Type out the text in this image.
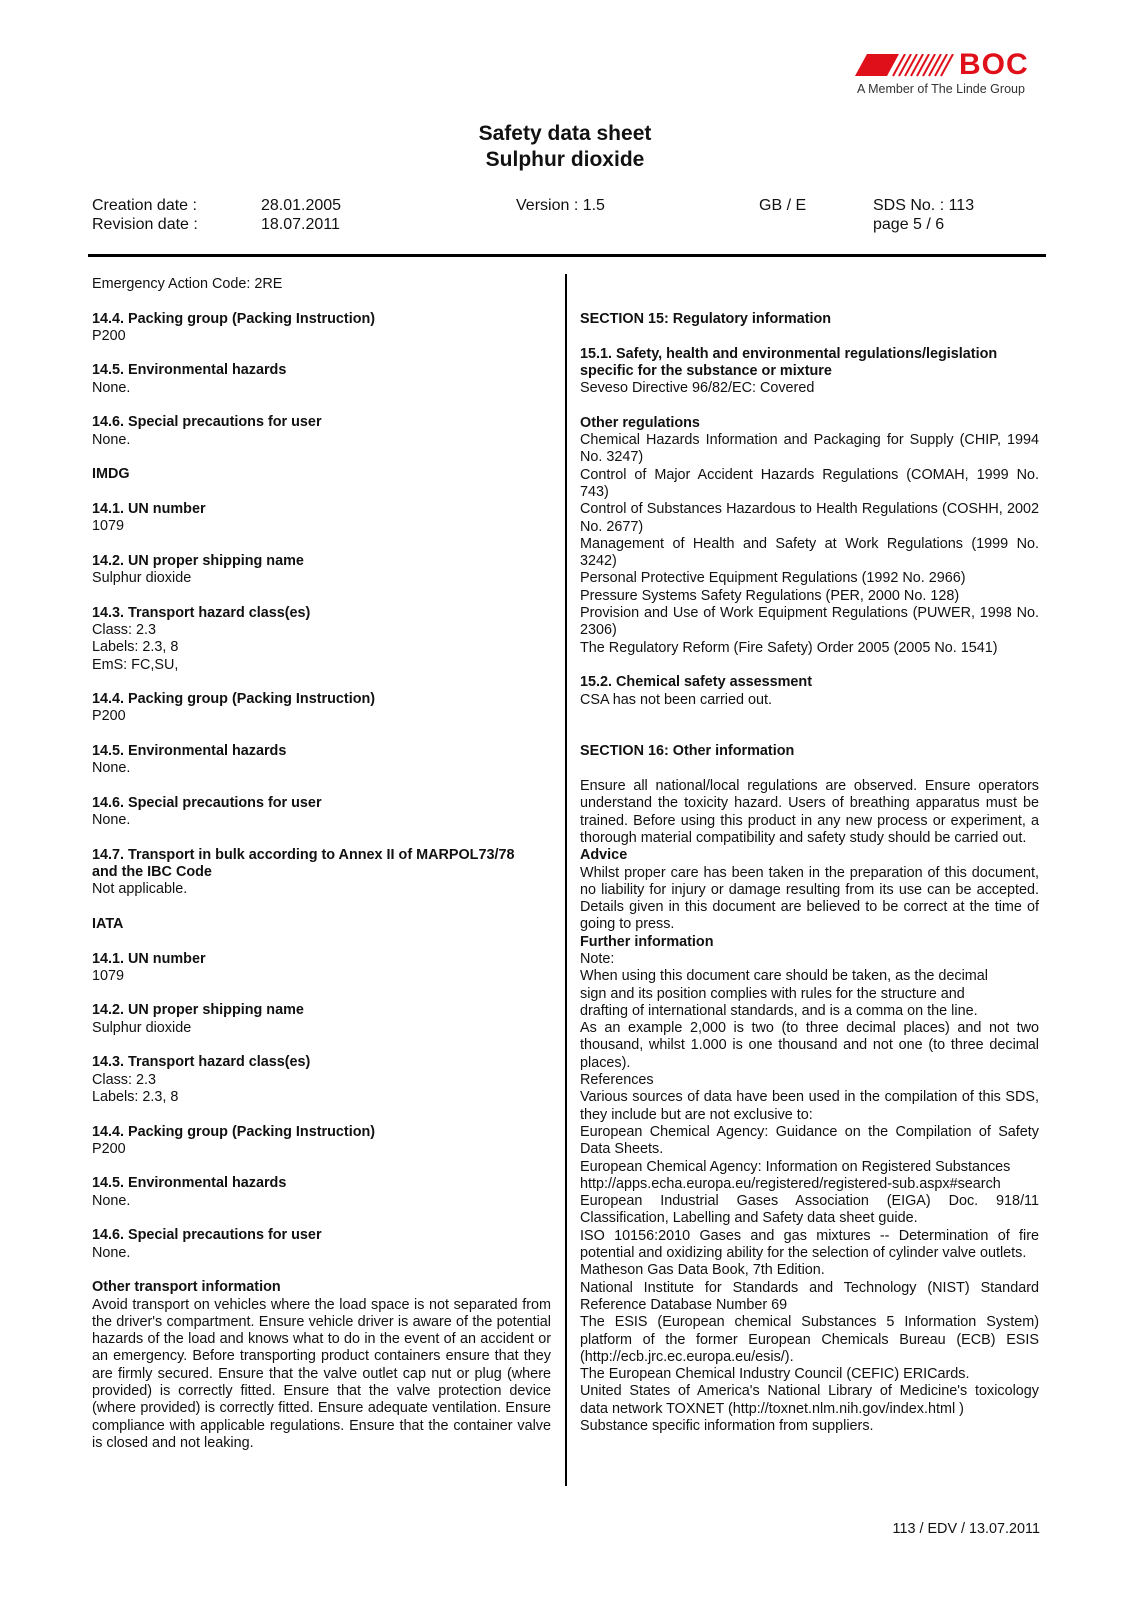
BOC
A Member of The Linde Group
Safety data sheet
Sulphur dioxide
Creation date :	28.01.2005
Revision date :	18.07.2011
Version : 1.5	GB / E	SDS No. : 113
page 5 / 6
Emergency Action Code: 2RE
14.4. Packing group (Packing Instruction)
P200
14.5. Environmental hazards
None.
14.6. Special precautions for user
None.
IMDG
14.1. UN number
1079
14.2. UN proper shipping name
Sulphur dioxide
14.3. Transport hazard class(es)
Class: 2.3
Labels: 2.3, 8
EmS: FC,SU,
14.4. Packing group (Packing Instruction)
P200
14.5. Environmental hazards
None.
14.6. Special precautions for user
None.
14.7. Transport in bulk according to Annex II of MARPOL73/78
and the IBC Code
Not applicable.
IATA
14.1. UN number
1079
14.2. UN proper shipping name
Sulphur dioxide
14.3. Transport hazard class(es)
Class: 2.3
Labels: 2.3, 8
14.4. Packing group (Packing Instruction)
P200
14.5. Environmental hazards
None.
14.6. Special precautions for user
None.
Other transport information
Avoid transport on vehicles where the load space is not separated from the driver's compartment. Ensure vehicle driver is aware of the potential hazards of the load and knows what to do in the event of an accident or an emergency. Before transporting product containers ensure that they are firmly secured. Ensure that the valve outlet cap nut or plug (where provided) is correctly fitted. Ensure that the valve protection device (where provided) is correctly fitted. Ensure adequate ventilation. Ensure compliance with applicable regulations. Ensure that the container valve is closed and not leaking.
SECTION 15: Regulatory information
15.1. Safety, health and environmental regulations/legislation
specific for the substance or mixture
Seveso Directive 96/82/EC: Covered
Other regulations
Chemical Hazards Information and Packaging for Supply (CHIP, 1994 No. 3247)
Control of Major Accident Hazards Regulations (COMAH, 1999 No. 743)
Control of Substances Hazardous to Health Regulations (COSHH, 2002 No. 2677)
Management of Health and Safety at Work Regulations (1999 No. 3242)
Personal Protective Equipment Regulations (1992 No. 2966)
Pressure Systems Safety Regulations (PER, 2000 No. 128)
Provision and Use of Work Equipment Regulations (PUWER, 1998 No. 2306)
The Regulatory Reform (Fire Safety) Order 2005 (2005 No. 1541)
15.2. Chemical safety assessment
CSA has not been carried out.
SECTION 16: Other information
Ensure all national/local regulations are observed. Ensure operators understand the toxicity hazard. Users of breathing apparatus must be trained. Before using this product in any new process or experiment, a thorough material compatibility and safety study should be carried out.
Advice
Whilst proper care has been taken in the preparation of this document, no liability for injury or damage resulting from its use can be accepted. Details given in this document are believed to be correct at the time of going to press.
Further information
Note:
When using this document care should be taken, as the decimal
sign and its position complies with rules for the structure and
drafting of international standards, and is a comma on the line.
As an example 2,000 is two (to three decimal places) and not two thousand, whilst 1.000 is one thousand and not one (to three decimal places).
References
Various sources of data have been used in the compilation of this SDS, they include but are not exclusive to:
European Chemical Agency: Guidance on the Compilation of Safety Data Sheets.
European Chemical Agency: Information on Registered Substances
http://apps.echa.europa.eu/registered/registered-sub.aspx#search
European Industrial Gases Association (EIGA) Doc. 918/11 Classification, Labelling and Safety data sheet guide.
ISO 10156:2010 Gases and gas mixtures -- Determination of fire potential and oxidizing ability for the selection of cylinder valve outlets.
Matheson Gas Data Book, 7th Edition.
National Institute for Standards and Technology (NIST) Standard Reference Database Number 69
The ESIS (European chemical Substances 5 Information System) platform of the former European Chemicals Bureau (ECB) ESIS (http://ecb.jrc.ec.europa.eu/esis/).
The European Chemical Industry Council (CEFIC) ERICards.
United States of America's National Library of Medicine's toxicology data network TOXNET (http://toxnet.nlm.nih.gov/index.html )
Substance specific information from suppliers.
113 / EDV / 13.07.2011
